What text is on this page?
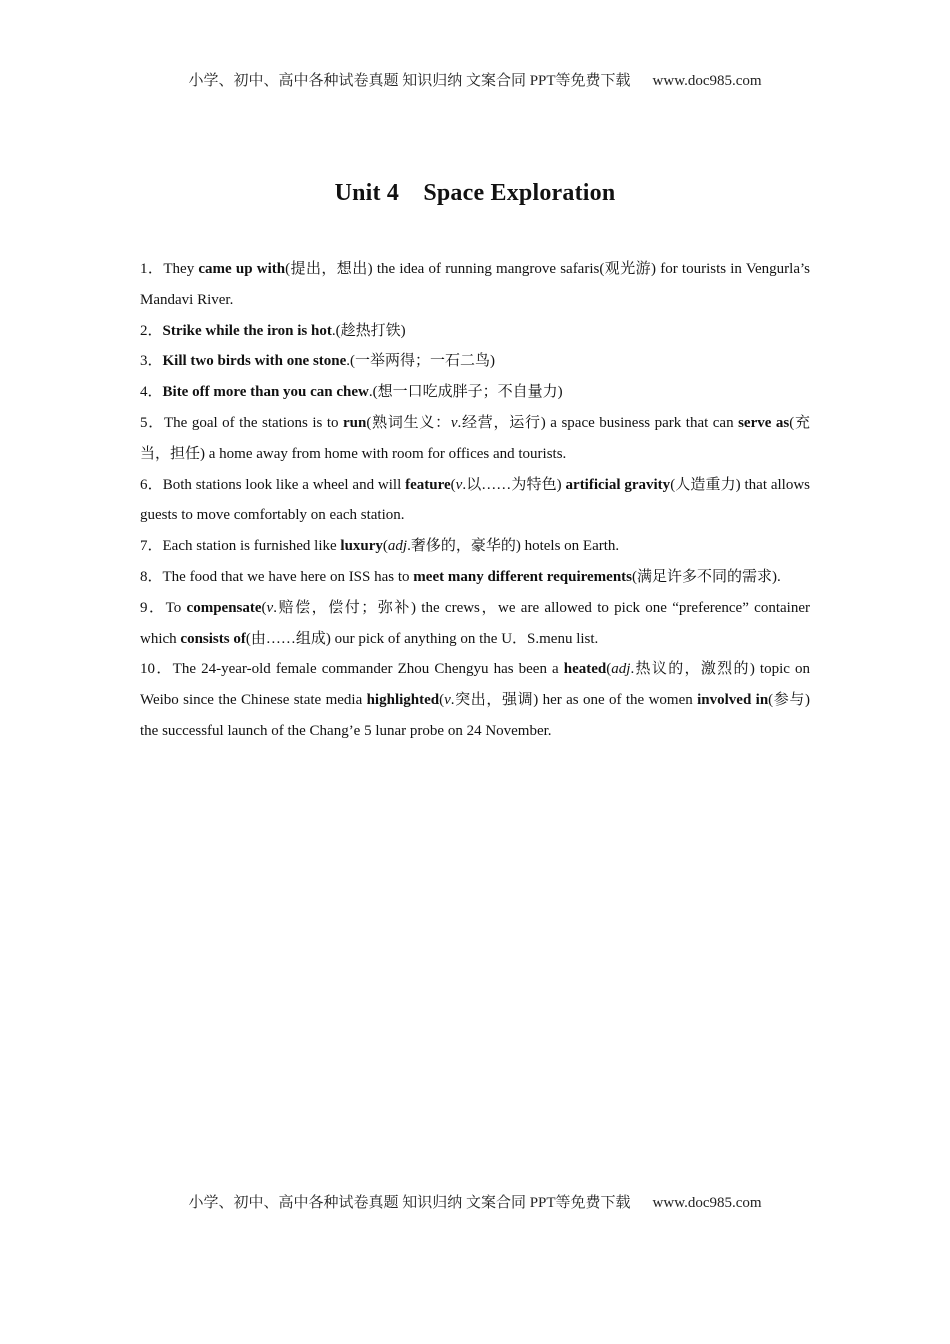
小学、初中、高中各种试卷真题 知识归纳 文案合同 PPT等免费下载 www.doc985.com
Unit 4　Space Exploration

1．They came up with(提出，想出) the idea of running mangrove safaris(观光游) for tourists in Vengurla’s Mandavi River.

2．Strike while the iron is hot.(趁热打铁)

3．Kill two birds with one stone.(一举两得；一石二鸟)

4．Bite off more than you can chew.(想一口吃成胖子；不自量力)

5．The goal of the stations is to run(熟词生义：v.经营，运行) a space business park that can serve as(充当，担任) a home away from home with room for offices and tourists.

6．Both stations look like a wheel and will feature(v.以……为特色) artificial gravity(人造重力) that allows guests to move comfortably on each station.

7．Each station is furnished like luxury(adj.奢侈的，豪华的) hotels on Earth.

8．The food that we have here on ISS has to meet many different requirements(满足许多不同的需求).

9．To compensate(v.赔偿，偿付；弥补) the crews，we are allowed to pick one “preference” container which consists of(由……组成) our pick of anything on the U．S.menu list.

10．The 24-year-old female commander Zhou Chengyu has been a heated(adj.热议的，激烈的) topic on Weibo since the Chinese state media highlighted(v.突出，强调) her as one of the women involved in(参与) the successful launch of the Chang’e 5 lunar probe on 24 November.

小学、初中、高中各种试卷真题 知识归纳 文案合同 PPT等免费下载 www.doc985.com
